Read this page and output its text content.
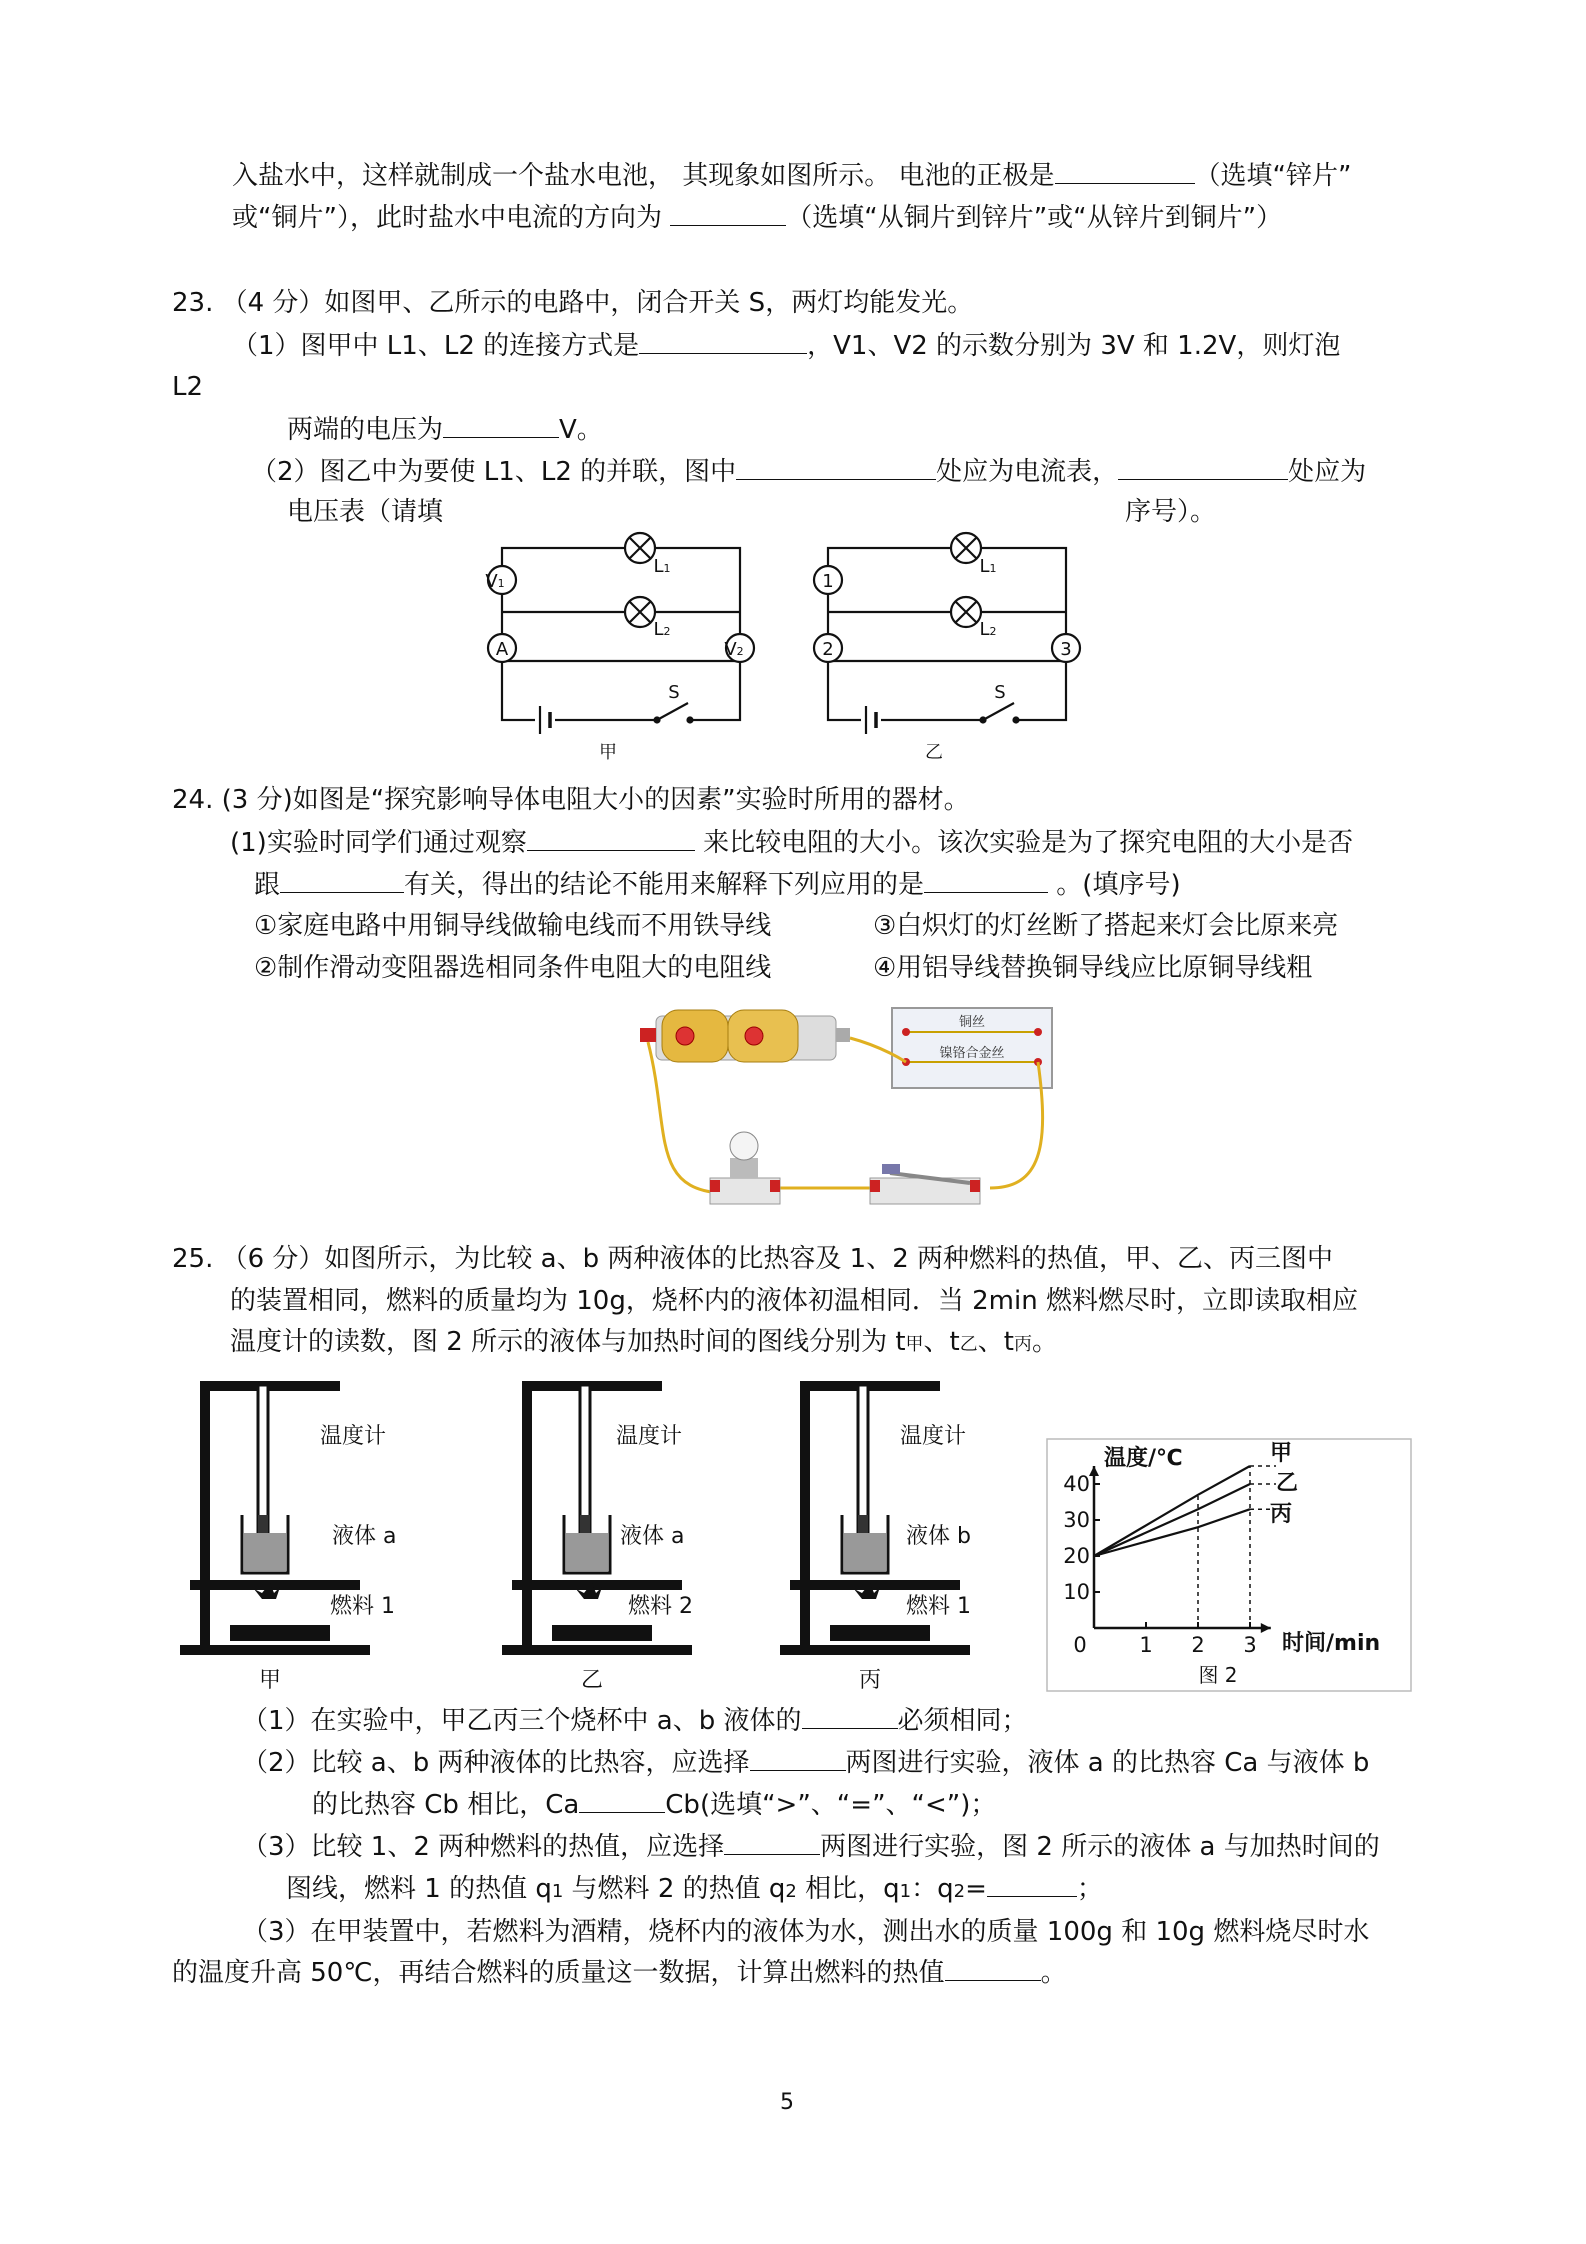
入盐水中，这样就制成一个盐水电池， 其现象如图所示。 电池的正极是	（选填“锌片”
或“铜片”），此时盐水中电流的方向为	（选填“从铜片到锌片”或“从锌片到铜片”）
23. （4 分）如图甲、乙所示的电路中，闭合开关 S，两灯均能发光。
（1）图甲中 L1、L2 的连接方式是	，V1、V2 的示数分别为 3V 和 1.2V，则灯泡
L2
两端的电压为	V。
（2）图乙中为要使 L1、L2 的并联，图中	处应为电流表，	处应为
电压表（请填	序号）。
V1
A	V2
L1
L2
S
甲
1
2	3
L1
L2
S
乙
24. (3 分)如图是“探究影响导体电阻大小的因素”实验时所用的器材。
(1)实验时同学们通过观察	来比较电阻的大小。该次实验是为了探究电阻的大小是否
跟	有关，得出的结论不能用来解释下列应用的是	。(填序号)
①家庭电路中用铜导线做输电线而不用铁导线	③白炽灯的灯丝断了搭起来灯会比原来亮
②制作滑动变阻器选相同条件电阻大的电阻线	④用铝导线替换铜导线应比原铜导线粗
铜丝
镍铬合金丝
25. （6 分）如图所示，为比较 a、b 两种液体的比热容及 1、2 两种燃料的热值，甲、乙、丙三图中
的装置相同，燃料的质量均为 10g，烧杯内的液体初温相同．当 2min 燃料燃尽时，立即读取相应
温度计的读数，图 2 所示的液体与加热时间的图线分别为 t甲、t乙、t丙。
温度计
液体 a
燃料 1
甲
温度计
液体 a
燃料 2
乙
温度计
液体 b
燃料 1
丙
10
20
30
40
0	1 2 3
甲
乙
丙
温度/℃
时间/min
图 2
（1）在实验中，甲乙丙三个烧杯中 a、b 液体的	必须相同；
（2）比较 a、b 两种液体的比热容，应选择	两图进行实验，液体 a 的比热容 Ca 与液体 b
的比热容 Cb 相比，Ca	Cb(选填“>”、“=”、“<”)；
（3）比较 1、2 两种燃料的热值，应选择	两图进行实验，图 2 所示的液体 a 与加热时间的
图线，燃料 1 的热值 q1 与燃料 2 的热值 q2 相比，q1：q2=	；
（3）在甲装置中，若燃料为酒精，烧杯内的液体为水，测出水的质量 100g 和 10g 燃料烧尽时水
的温度升高 50℃，再结合燃料的质量这一数据，计算出燃料的热值	。
5
